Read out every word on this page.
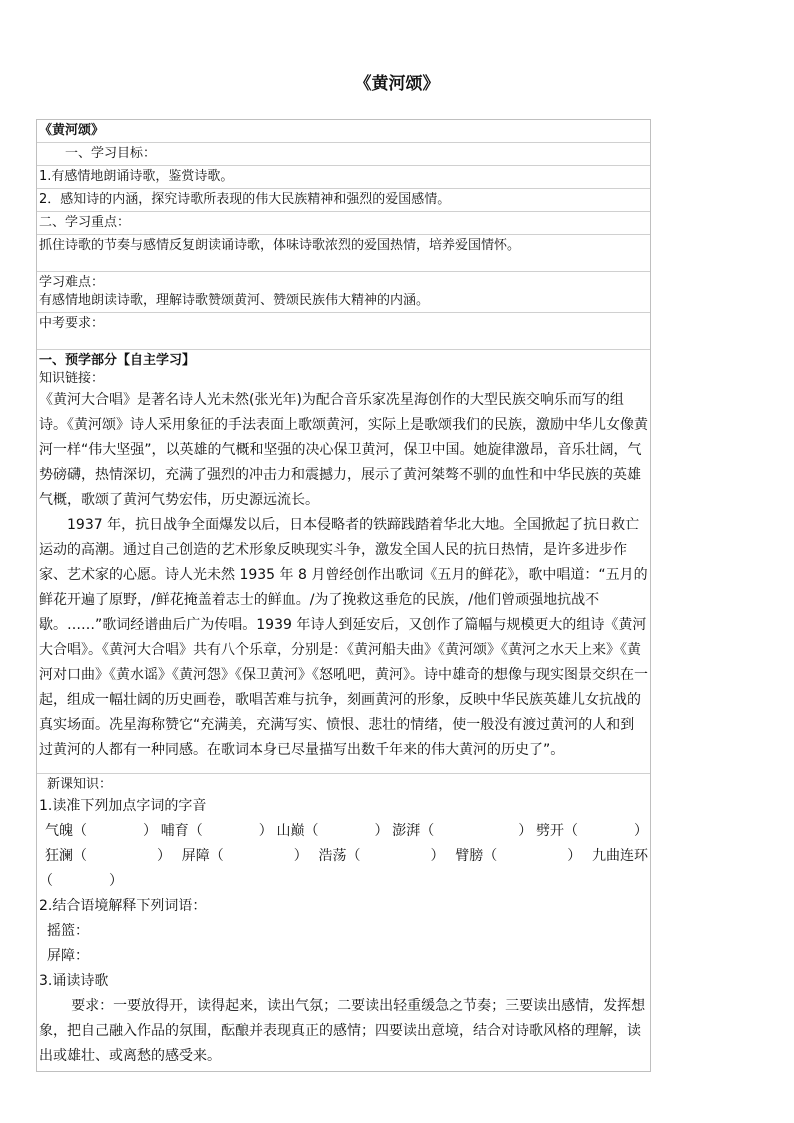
《黄河颂》

《黄河颂》

一、学习目标：

1.有感情地朗诵诗歌，鉴赏诗歌。

2．感知诗的内涵，探究诗歌所表现的伟大民族精神和强烈的爱国感情。

二、学习重点：

抓住诗歌的节奏与感情反复朗读诵诗歌，体味诗歌浓烈的爱国热情，培养爱国情怀。

学习难点：

有感情地朗读诗歌，理解诗歌赞颂黄河、赞颂民族伟大精神的内涵。

中考要求：

一、预学部分【自主学习】

知识链接：

《黄河大合唱》是著名诗人光未然(张光年)为配合音乐家冼星海创作的大型民族交响乐而写的组诗。《黄河颂》诗人采用象征的手法表面上歌颂黄河，实际上是歌颂我们的民族，激励中华儿女像黄河一样“伟大坚强”，以英雄的气概和坚强的决心保卫黄河，保卫中国。她旋律激昂，音乐壮阔，气势磅礴，热情深切，充满了强烈的冲击力和震撼力，展示了黄河桀骜不驯的血性和中华民族的英雄气概，歌颂了黄河气势宏伟，历史源远流长。

1937 年，抗日战争全面爆发以后，日本侵略者的铁蹄践踏着华北大地。全国掀起了抗日救亡运动的高潮。通过自己创造的艺术形象反映现实斗争，激发全国人民的抗日热情，是许多进步作家、艺术家的心愿。诗人光未然 1935 年 8 月曾经创作出歌词《五月的鲜花》，歌中唱道：“五月的鲜花开遍了原野，/鲜花掩盖着志士的鲜血。/为了挽救这垂危的民族，/他们曾顽强地抗战不歇。……”歌词经谱曲后广为传唱。1939 年诗人到延安后，又创作了篇幅与规模更大的组诗《黄河大合唱》。《黄河大合唱》共有八个乐章，分别是：《黄河船夫曲》《黄河颂》《黄河之水天上来》《黄河对口曲》《黄水谣》《黄河怨》《保卫黄河》《怒吼吧，黄河》。诗中雄奇的想像与现实图景交织在一起，组成一幅壮阔的历史画卷，歌唱苦难与抗争，刻画黄河的形象，反映中华民族英雄儿女抗战的真实场面。冼星海称赞它“充满美，充满写实、愤恨、悲壮的情绪，使一般没有渡过黄河的人和到过黄河的人都有一种同感。在歌词本身已尽量描写出数千年来的伟大黄河的历史了”。

新课知识：

1.读准下列加点字词的字音

气魄（　　　　） 哺育（　　　　） 山巅（　　　　） 澎湃（　　　　　　） 劈开（　　　　）
狂澜（　　　　　） 屏障（　　　　　） 浩荡（　　　　　） 臂膀（　　　　　） 九曲连环

（　　　　）

2.结合语境解释下列词语：

摇篮：

屏障：

3.诵读诗歌

要求：一要放得开，读得起来，读出气氛；二要读出轻重缓急之节奏；三要读出感情，发挥想象，把自己融入作品的氛围，酝酿并表现真正的感情；四要读出意境，结合对诗歌风格的理解，读出或雄壮、或离愁的感受来。
